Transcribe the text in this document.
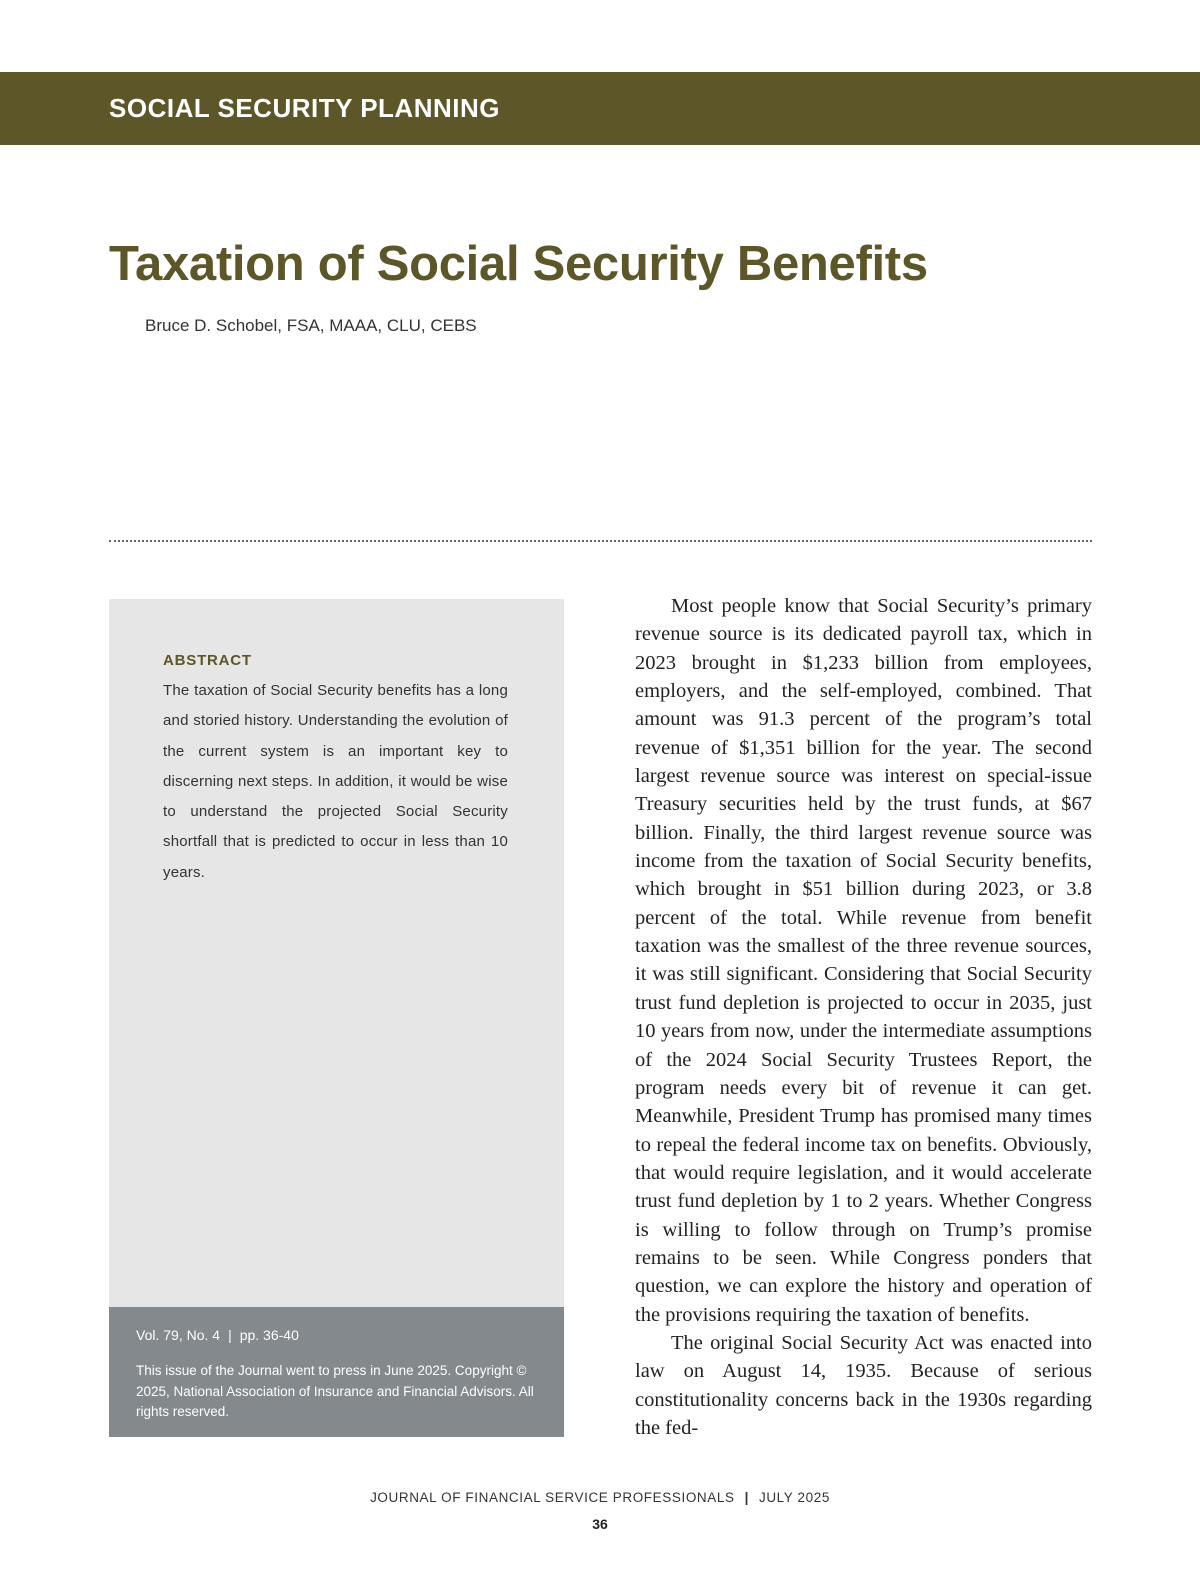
SOCIAL SECURITY PLANNING
Taxation of Social Security Benefits
Bruce D. Schobel, FSA, MAAA, CLU, CEBS
ABSTRACT

The taxation of Social Security benefits has a long and storied history. Understanding the evolution of the current system is an important key to discerning next steps. In addition, it would be wise to understand the projected Social Security shortfall that is predicted to occur in less than 10 years.

Vol. 79, No. 4 | pp. 36-40

This issue of the Journal went to press in June 2025. Copyright © 2025, National Association of Insurance and Financial Advisors. All rights reserved.

Most people know that Social Security’s primary revenue source is its dedicated payroll tax, which in 2023 brought in $1,233 billion from employees, employers, and the self-employed, combined. That amount was 91.3 percent of the program’s total revenue of $1,351 billion for the year. The second largest revenue source was interest on special-issue Treasury securities held by the trust funds, at $67 billion. Finally, the third largest revenue source was income from the taxation of Social Security benefits, which brought in $51 billion during 2023, or 3.8 percent of the total. While revenue from benefit taxation was the smallest of the three revenue sources, it was still significant. Considering that Social Security trust fund depletion is projected to occur in 2035, just 10 years from now, under the intermediate assumptions of the 2024 Social Security Trustees Report, the program needs every bit of revenue it can get. Meanwhile, President Trump has promised many times to repeal the federal income tax on benefits. Obviously, that would require legislation, and it would accelerate trust fund depletion by 1 to 2 years. Whether Congress is willing to follow through on Trump’s promise remains to be seen. While Congress ponders that question, we can explore the history and operation of the provisions requiring the taxation of benefits.

The original Social Security Act was enacted into law on August 14, 1935. Because of serious constitutionality concerns back in the 1930s regarding the fed-

JOURNAL OF FINANCIAL SERVICE PROFESSIONALS | JULY 2025
36
